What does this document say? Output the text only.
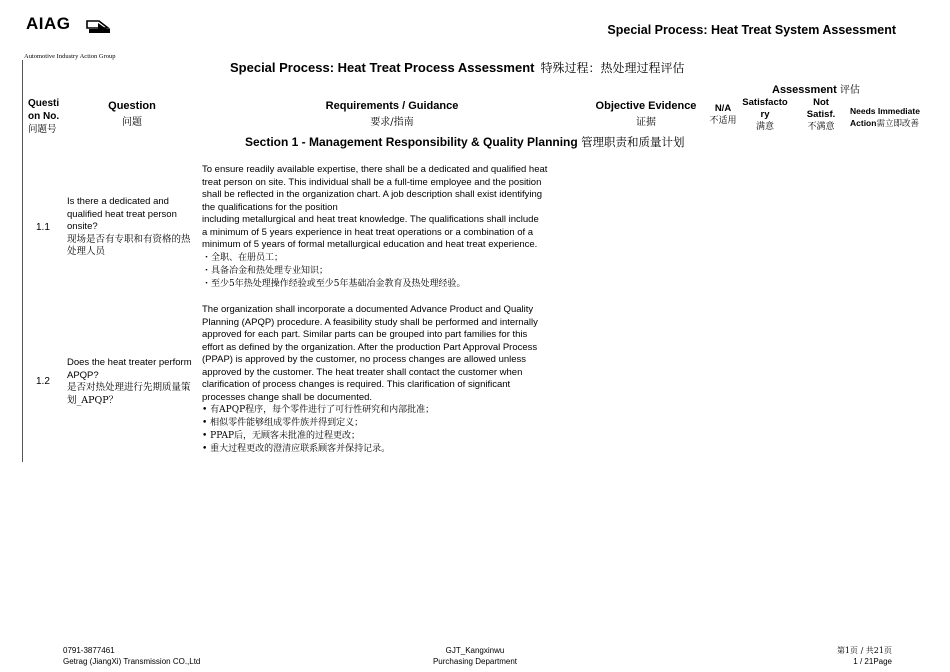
AIAG
Automotive Industry Action Group
Special Process: Heat Treat System Assessment
Special Process: Heat Treat Process Assessment 特殊过程：热处理过程评估
Assessment 评估
Questi
on No.
问题号
Question
问题
Requirements / Guidance
要求/指南
Objective Evidence
证据
N/A
不适用
Satisfacto
ry
满意
Not
Satisf.
不满意
Needs Immediate
Action需立即改善
Section 1 - Management Responsibility & Quality Planning 管理职责和质量计划
1.1
Is there a dedicated and qualified heat treat person onsite?
现场是否有专职和有资格的热处理人员
To ensure readily available expertise, there shall be a dedicated and qualified heat
treat person on site. This individual shall be a full-time employee and the position
shall be reflected in the organization chart. A job description shall exist identifying
the qualifications for the position
including metallurgical and heat treat knowledge. The qualifications shall include
a minimum of 5 years experience in heat treat operations or a combination of a
minimum of 5 years of formal metallurgical education and heat treat experience.
・全职、在册员工；
・具备冶金和热处理专业知识；
・至少5年热处理操作经验或至少5年基础冶金教育及热处理经验。
1.2
Does the heat treater perform APQP?
是否对热处理进行先期质量策划_APQP？
The organization shall incorporate a documented Advance Product and Quality
Planning (APQP) procedure. A feasibility study shall be performed and internally
approved for each part. Similar parts can be grouped into part families for this
effort as defined by the organization. After the production Part Approval Process
(PPAP) is approved by the customer, no process changes are allowed unless
approved by the customer. The heat treater shall contact the customer when
clarification of process changes is required. This clarification of significant
processes change shall be documented.
• 有APQP程序，每个零件进行了可行性研究和内部批准；
• 相似零件能够组成零件族并得到定义；
• PPAP后，无顾客未批准的过程更改；
• 重大过程更改的澄清应联系顾客并保持记录。
0791-3877461
Getrag (JiangXi) Transmission CO.,Ltd
GJT_Kangxinwu
Purchasing Department
第1页 / 共21页
1 / 21Page
